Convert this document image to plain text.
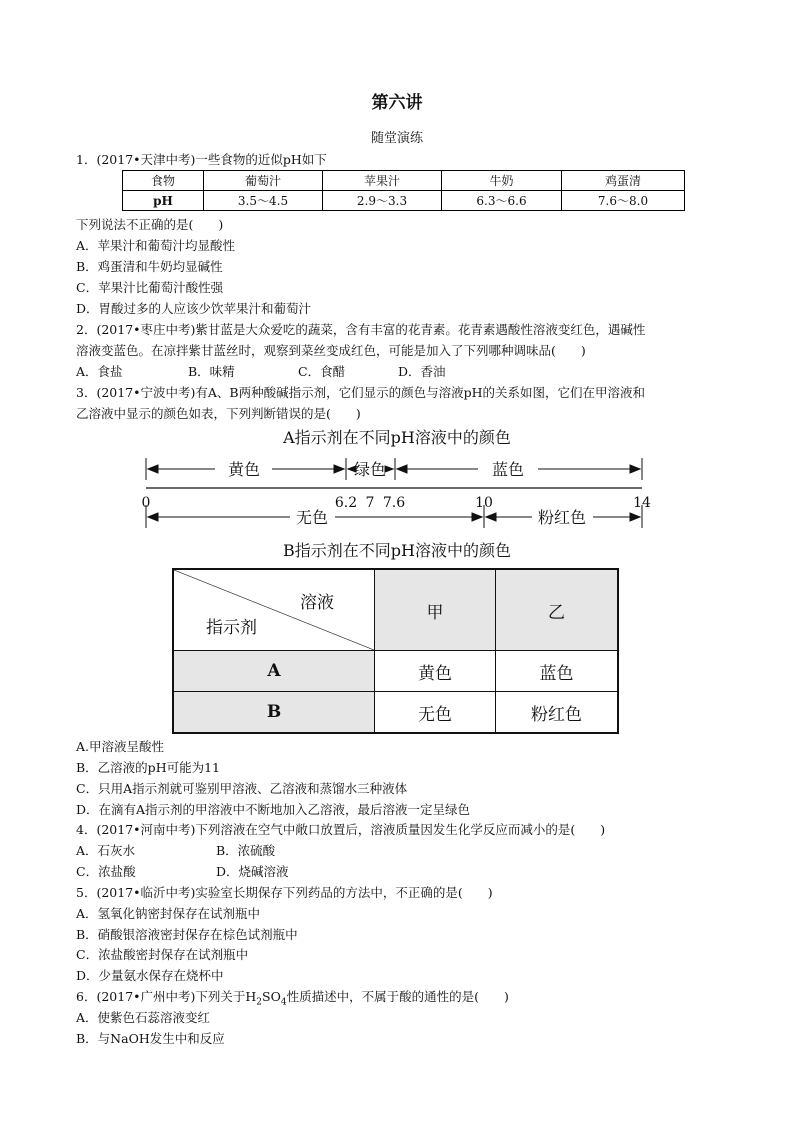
第六讲
随堂演练
1．(2017•天津中考)一些食物的近似pH如下
食物	葡萄汁	苹果汁	牛奶	鸡蛋清
pH	3.5～4.5	2.9～3.3	6.3～6.6	7.6～8.0
下列说法不正确的是(　　)
A．苹果汁和葡萄汁均显酸性
B．鸡蛋清和牛奶均显碱性
C．苹果汁比葡萄汁酸性强
D．胃酸过多的人应该少饮苹果汁和葡萄汁
2．(2017•枣庄中考)紫甘蓝是大众爱吃的蔬菜，含有丰富的花青素。花青素遇酸性溶液变红色，遇碱性
溶液变蓝色。在凉拌紫甘蓝丝时，观察到菜丝变成红色，可能是加入了下列哪种调味品(　　)
A．食盐	B．味精	C．食醋	D．香油
3．(2017•宁波中考)有A、B两种酸碱指示剂，它们显示的颜色与溶液pH的关系如图，它们在甲溶液和
乙溶液中显示的颜色如表，下列判断错误的是(　　)
A指示剂在不同pH溶液中的颜色
黄色	绿色	蓝色
0	6.2 7 7.6	10	14
无色	粉红色
B指示剂在不同pH溶液中的颜色
溶液
指示剂	甲	乙
A	黄色	蓝色
B	无色	粉红色
A.甲溶液呈酸性
B．乙溶液的pH可能为11
C．只用A指示剂就可鉴别甲溶液、乙溶液和蒸馏水三种液体
D．在滴有A指示剂的甲溶液中不断地加入乙溶液，最后溶液一定呈绿色
4．(2017•河南中考)下列溶液在空气中敞口放置后，溶液质量因发生化学反应而减小的是(　　)
A．石灰水	B．浓硫酸
C．浓盐酸	D．烧碱溶液
5．(2017•临沂中考)实验室长期保存下列药品的方法中，不正确的是(　　)
A．氢氧化钠密封保存在试剂瓶中
B．硝酸银溶液密封保存在棕色试剂瓶中
C．浓盐酸密封保存在试剂瓶中
D．少量氨水保存在烧杯中
6．(2017•广州中考)下列关于$H_2SO_4$性质描述中，不属于酸的通性的是(　　)
A．使紫色石蕊溶液变红
B．与NaOH发生中和反应
